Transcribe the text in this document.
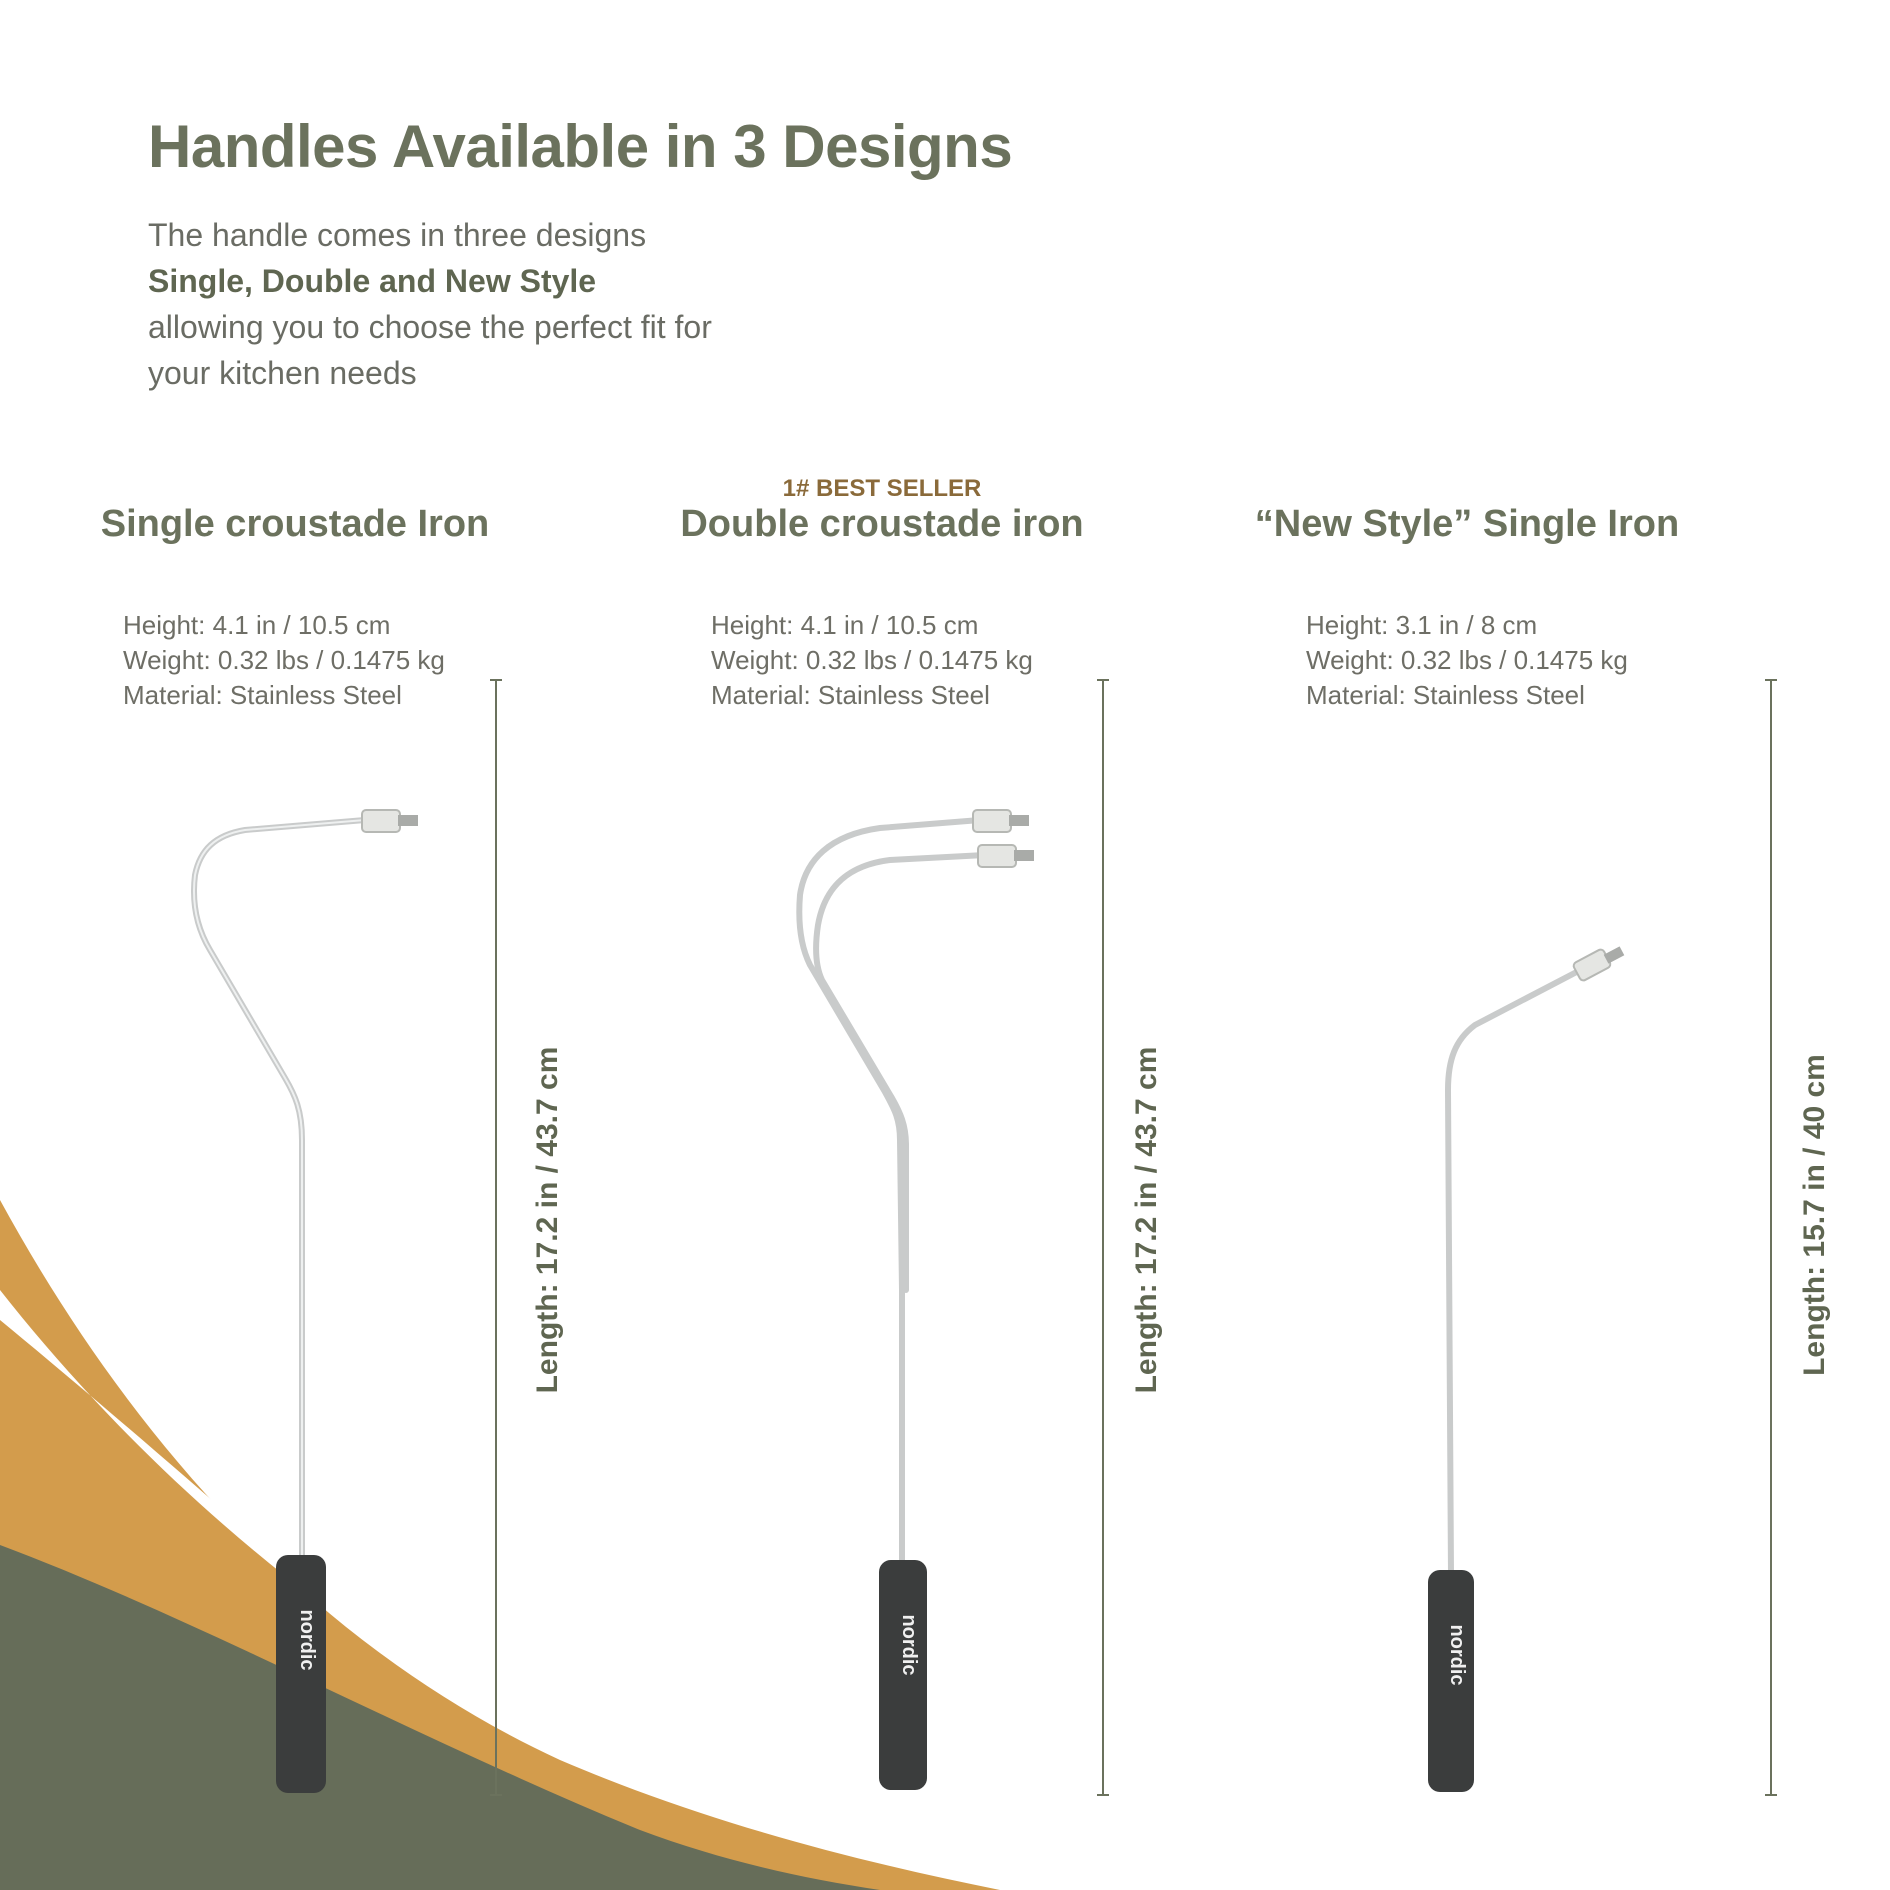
Handles Available in 3 Designs
The handle comes in three designs
Single, Double and New Style
allowing you to choose the perfect fit for
your kitchen needs
Single croustade Iron
Height: 4.1 in / 10.5 cm
Weight: 0.32 lbs / 0.1475 kg
Material: Stainless Steel
nordic
Length: 17.2 in / 43.7 cm
1# BEST SELLER
Double croustade iron
Height: 4.1 in / 10.5 cm
Weight: 0.32 lbs / 0.1475 kg
Material: Stainless Steel
nordic
Length: 17.2 in / 43.7 cm
“New Style” Single Iron
Height: 3.1 in / 8 cm
Weight: 0.32 lbs / 0.1475 kg
Material: Stainless Steel
nordic
Length: 15.7 in / 40 cm
